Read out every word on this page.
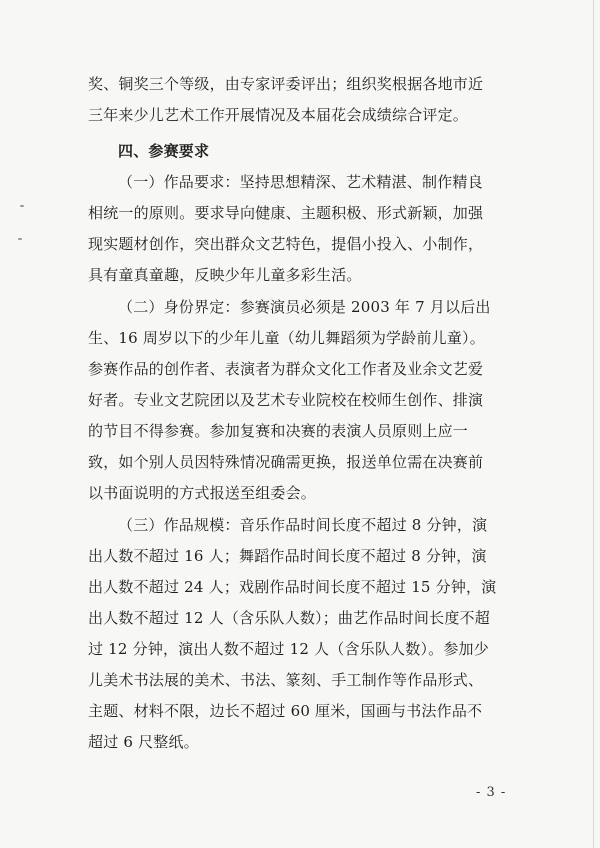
奖、铜奖三个等级，由专家评委评出；组织奖根据各地市近
三年来少儿艺术工作开展情况及本届花会成绩综合评定。
四、参赛要求
（一）作品要求：坚持思想精深、艺术精湛、制作精良
相统一的原则。要求导向健康、主题积极、形式新颖，加强
现实题材创作，突出群众文艺特色，提倡小投入、小制作，
具有童真童趣，反映少年儿童多彩生活。
（二）身份界定：参赛演员必须是 2003 年 7 月以后出
生、16 周岁以下的少年儿童（幼儿舞蹈须为学龄前儿童）。
参赛作品的创作者、表演者为群众文化工作者及业余文艺爱
好者。专业文艺院团以及艺术专业院校在校师生创作、排演
的节目不得参赛。参加复赛和决赛的表演人员原则上应一
致，如个别人员因特殊情况确需更换，报送单位需在决赛前
以书面说明的方式报送至组委会。
（三）作品规模：音乐作品时间长度不超过 8 分钟，演
出人数不超过 16 人；舞蹈作品时间长度不超过 8 分钟，演
出人数不超过 24 人；戏剧作品时间长度不超过 15 分钟，演
出人数不超过 12 人（含乐队人数）；曲艺作品时间长度不超
过 12 分钟，演出人数不超过 12 人（含乐队人数）。参加少
儿美术书法展的美术、书法、篆刻、手工制作等作品形式、
主题、材料不限，边长不超过 60 厘米，国画与书法作品不
超过 6 尺整纸。
- 3 -
